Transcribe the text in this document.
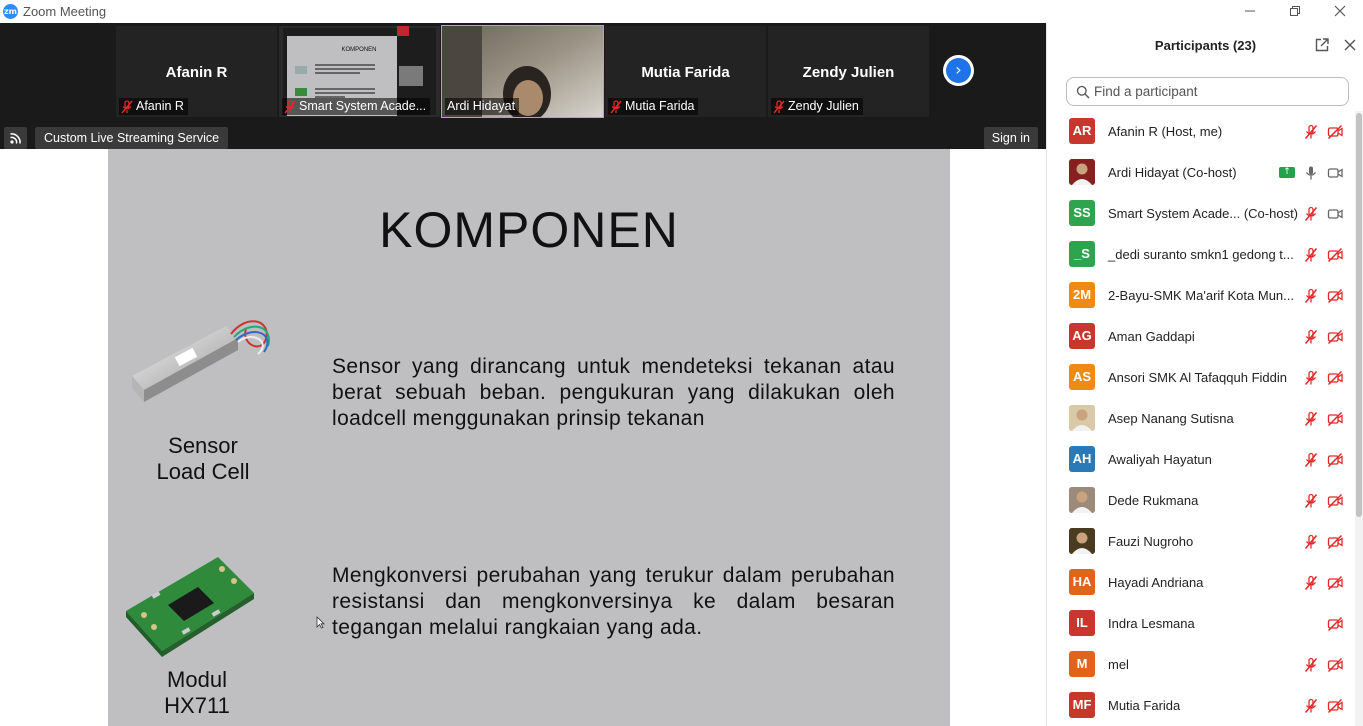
zm Zoom Meeting
Afanin R
Afanin R
KOMPONEN
Smart System Acade... Ardi Hidayat
Mutia Farida
Mutia Farida
Zendy Julien
Zendy Julien
›
Custom Live Streaming Service	Sign in
KOMPONEN
Sensor
Load Cell
Sensor yang dirancang untuk mendeteksi tekanan atau berat sebuah beban. pengukuran yang dilakukan oleh loadcell menggunakan prinsip tekanan
Modul
HX711
Mengkonversi perubahan yang terukur dalam perubahan resistansi dan mengkonversinya ke dalam besaran tegangan melalui rangkaian yang ada.
Participants (23)
Find a participant
AR Afanin R (Host, me)
Ardi Hidayat (Co-host)	↑
SS	Smart System Acade... (Co-host)
_S	_dedi suranto smkn1 gedong t...
2M	2-Bayu-SMK Ma'arif Kota Mun...
AG Aman Gaddapi
AS	Ansori SMK Al Tafaqquh Fiddin
Asep Nanang Sutisna
AH Awaliyah Hayatun
Dede Rukmana
Fauzi Nugroho
HA Hayadi Andriana
IL	Indra Lesmana
M	mel
MF Mutia Farida
